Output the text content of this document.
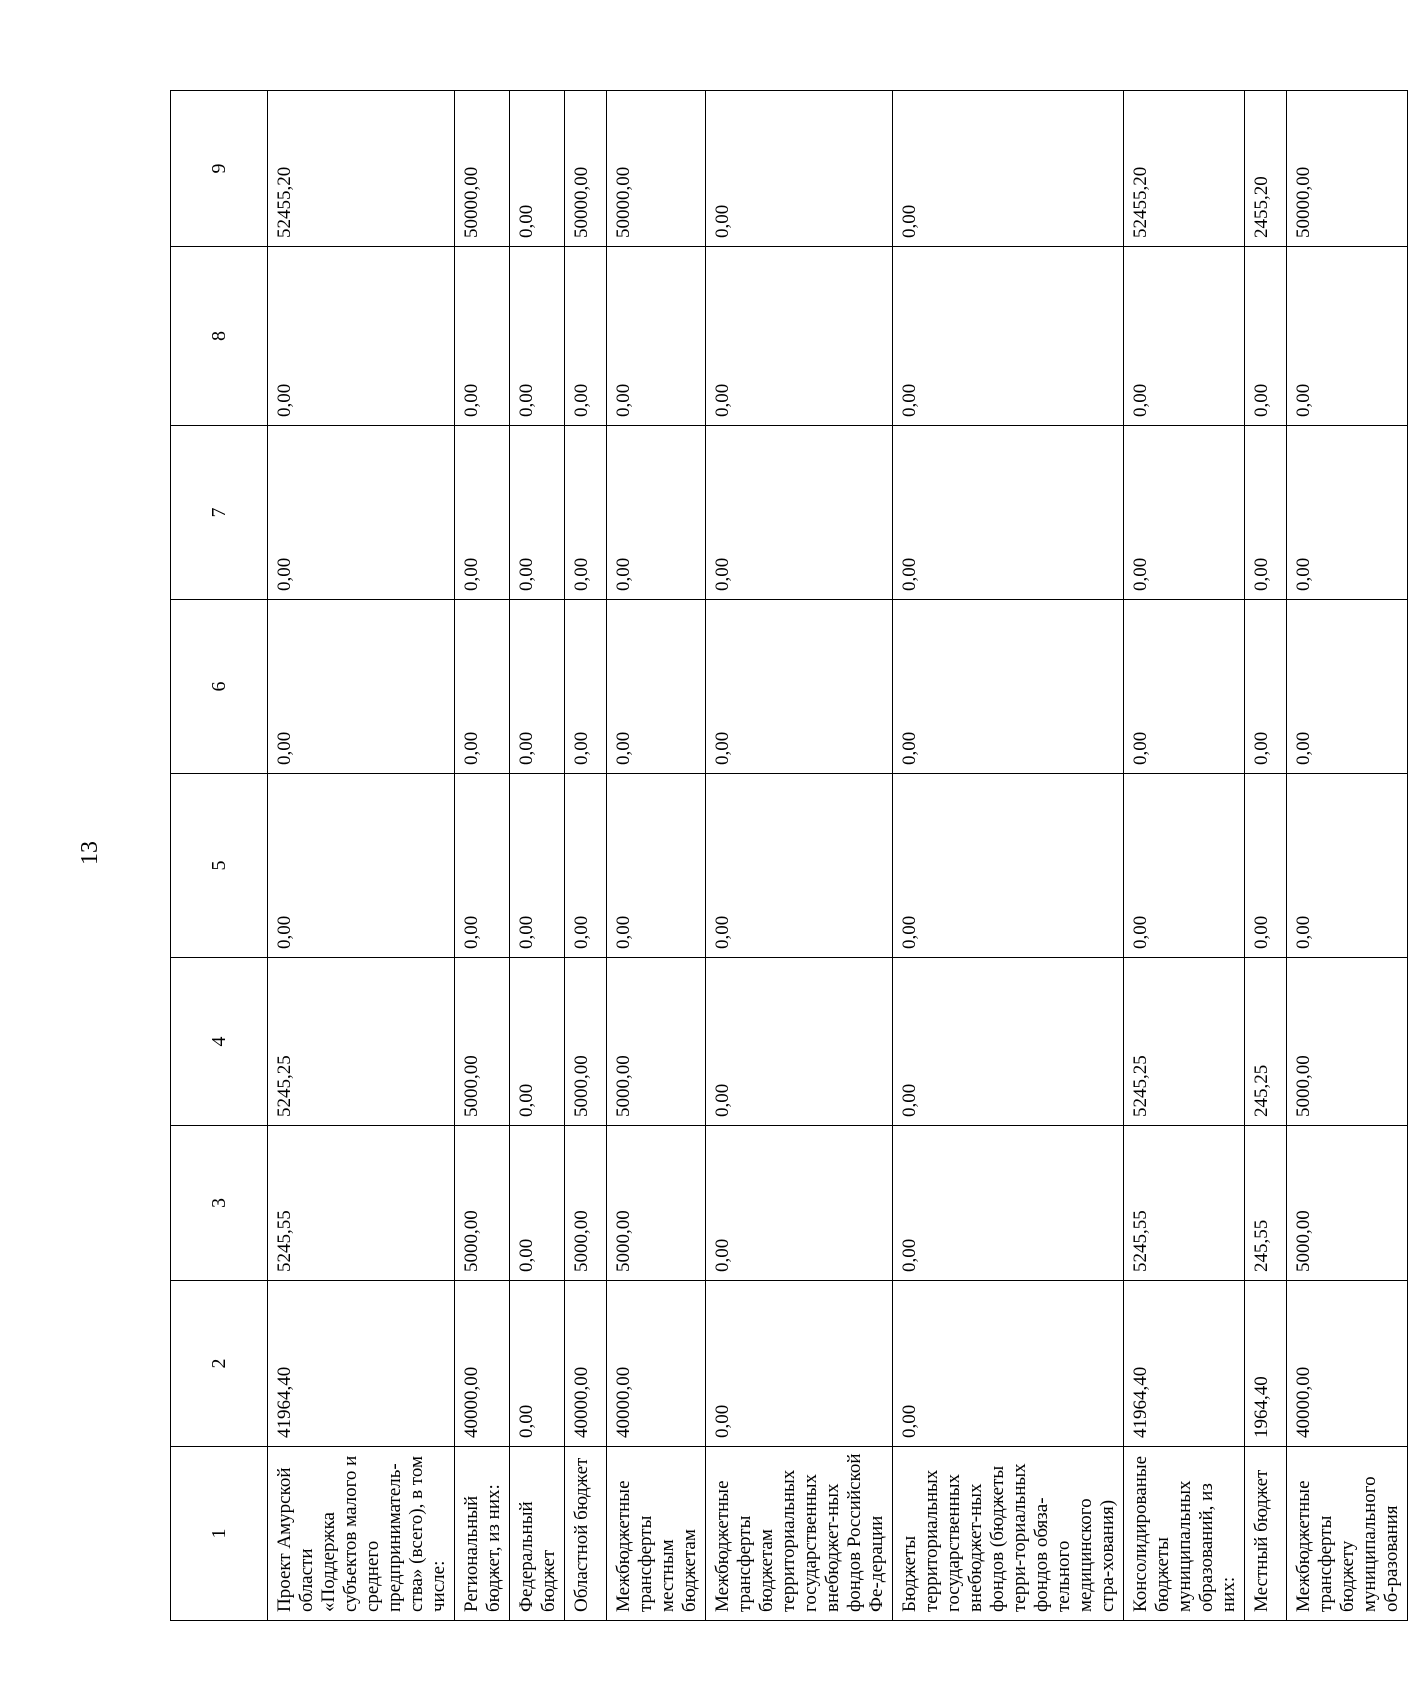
13
1	2	3	4	5	6	7	8	9
Проект Амурской области «Поддержка субъектов малого и среднего предприниматель-ства» (всего), в том числе:	41964,40	5245,55	5245,25	0,00	0,00	0,00	0,00	52455,20
Региональный бюджет, из них:	40000,00	5000,00	5000,00	0,00	0,00	0,00	0,00	50000,00
Федеральный бюджет	0,00	0,00	0,00	0,00	0,00	0,00	0,00	0,00
Областной бюджет	40000,00	5000,00	5000,00	0,00	0,00	0,00	0,00	50000,00
Межбюджетные трансферты местным бюджетам	40000,00	5000,00	5000,00	0,00	0,00	0,00	0,00	50000,00
Межбюджетные трансферты бюджетам территориальных государственных внебюджет-ных фондов Российской Фе-дерации	0,00	0,00	0,00	0,00	0,00	0,00	0,00	0,00
Бюджеты территориальных государственных внебюджет-ных фондов (бюджеты терри-ториальных фондов обяза-тельного медицинского стра-хования)	0,00	0,00	0,00	0,00	0,00	0,00	0,00	0,00
Консолидированые бюджеты муниципальных образований, из них:	41964,40	5245,55	5245,25	0,00	0,00	0,00	0,00	52455,20
Местный бюджет	1964,40	245,55	245,25	0,00	0,00	0,00	0,00	2455,20
Межбюджетные трансферты бюджету муниципального об-разования	40000,00	5000,00	5000,00	0,00	0,00	0,00	0,00	50000,00
